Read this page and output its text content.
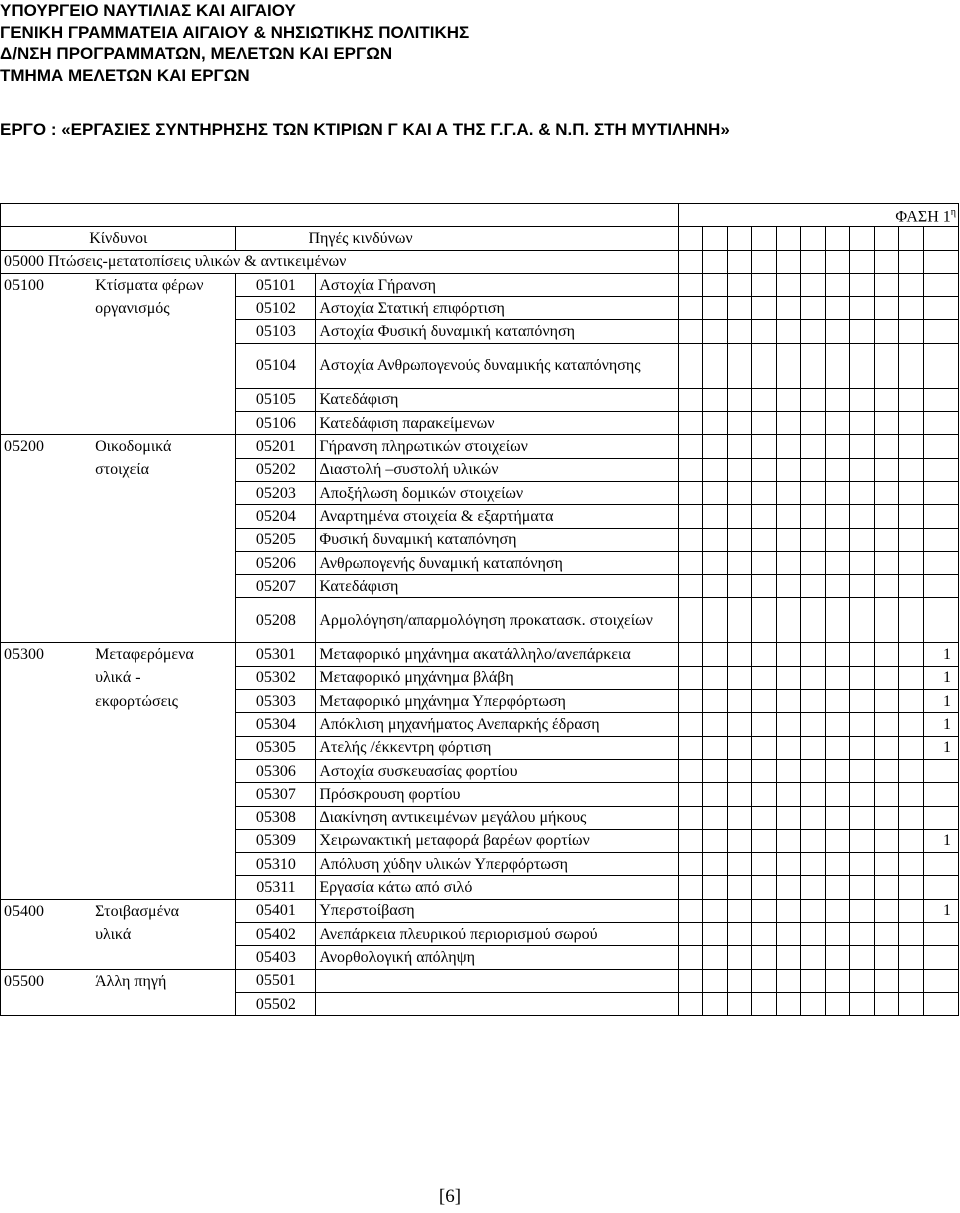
ΥΠΟΥΡΓΕΙΟ ΝΑΥΤΙΛΙΑΣ ΚΑΙ ΑΙΓΑΙΟΥ
ΓΕΝΙΚΗ ΓΡΑΜΜΑΤΕΙΑ ΑΙΓΑΙΟΥ & ΝΗΣΙΩΤΙΚΗΣ ΠΟΛΙΤΙΚΗΣ
Δ/ΝΣΗ ΠΡΟΓΡΑΜΜΑΤΩΝ, ΜΕΛΕΤΩΝ ΚΑΙ ΕΡΓΩΝ
ΤΜΗΜΑ ΜΕΛΕΤΩΝ ΚΑΙ ΕΡΓΩΝ
ΕΡΓΟ : «ΕΡΓΑΣΙΕΣ ΣΥΝΤΗΡΗΣΗΣ ΤΩΝ ΚΤΙΡΙΩΝ Γ ΚΑΙ Α ΤΗΣ Γ.Γ.Α. & Ν.Π. ΣΤΗ ΜΥΤΙΛΗΝΗ»
				ΦΑΣΗ $1^\eta$
Κίνδυνοι		Πηγές κινδύνων												
05000 Πτώσεις-μετατοπίσεις υλικών & αντικειμένων														
05100	Κτίσματα φέρων	05101	Αστοχία Γήρανση											
	οργανισμός	05102	Αστοχία Στατική επιφόρτιση											
		05103	Αστοχία Φυσική δυναμική καταπόνηση											
		05104	Αστοχία Ανθρωπογενούς δυναμικής καταπόνησης											
		05105	Κατεδάφιση											
		05106	Κατεδάφιση παρακείμενων											
05200	Οικοδομικά	05201	Γήρανση πληρωτικών στοιχείων											
	στοιχεία	05202	Διαστολή –συστολή υλικών											
		05203	Αποξήλωση δομικών στοιχείων											
		05204	Αναρτημένα στοιχεία & εξαρτήματα											
		05205	Φυσική δυναμική καταπόνηση											
		05206	Ανθρωπογενής δυναμική καταπόνηση											
		05207	Κατεδάφιση											
		05208	Αρμολόγηση/απαρμολόγηση προκατασκ. στοιχείων											
05300	Μεταφερόμενα	05301	Μεταφορικό μηχάνημα ακατάλληλο/ανεπάρκεια											1
	υλικά -	05302	Μεταφορικό μηχάνημα βλάβη											1
	εκφορτώσεις	05303	Μεταφορικό μηχάνημα Υπερφόρτωση											1
		05304	Απόκλιση μηχανήματος Ανεπαρκής έδραση											1
		05305	Ατελής /έκκεντρη φόρτιση											1
		05306	Αστοχία συσκευασίας φορτίου											
		05307	Πρόσκρουση φορτίου											
		05308	Διακίνηση αντικειμένων μεγάλου μήκους											
		05309	Χειρωνακτική μεταφορά βαρέων φορτίων											1
		05310	Απόλυση χύδην υλικών Υπερφόρτωση											
		05311	Εργασία κάτω από σιλό											
05400	Στοιβασμένα	05401	Υπερστοίβαση											1
	υλικά	05402	Ανεπάρκεια πλευρικού περιορισμού σωρού											
		05403	Ανορθολογική απόληψη											
05500	Άλλη πηγή	05501												
		05502												
[6]
